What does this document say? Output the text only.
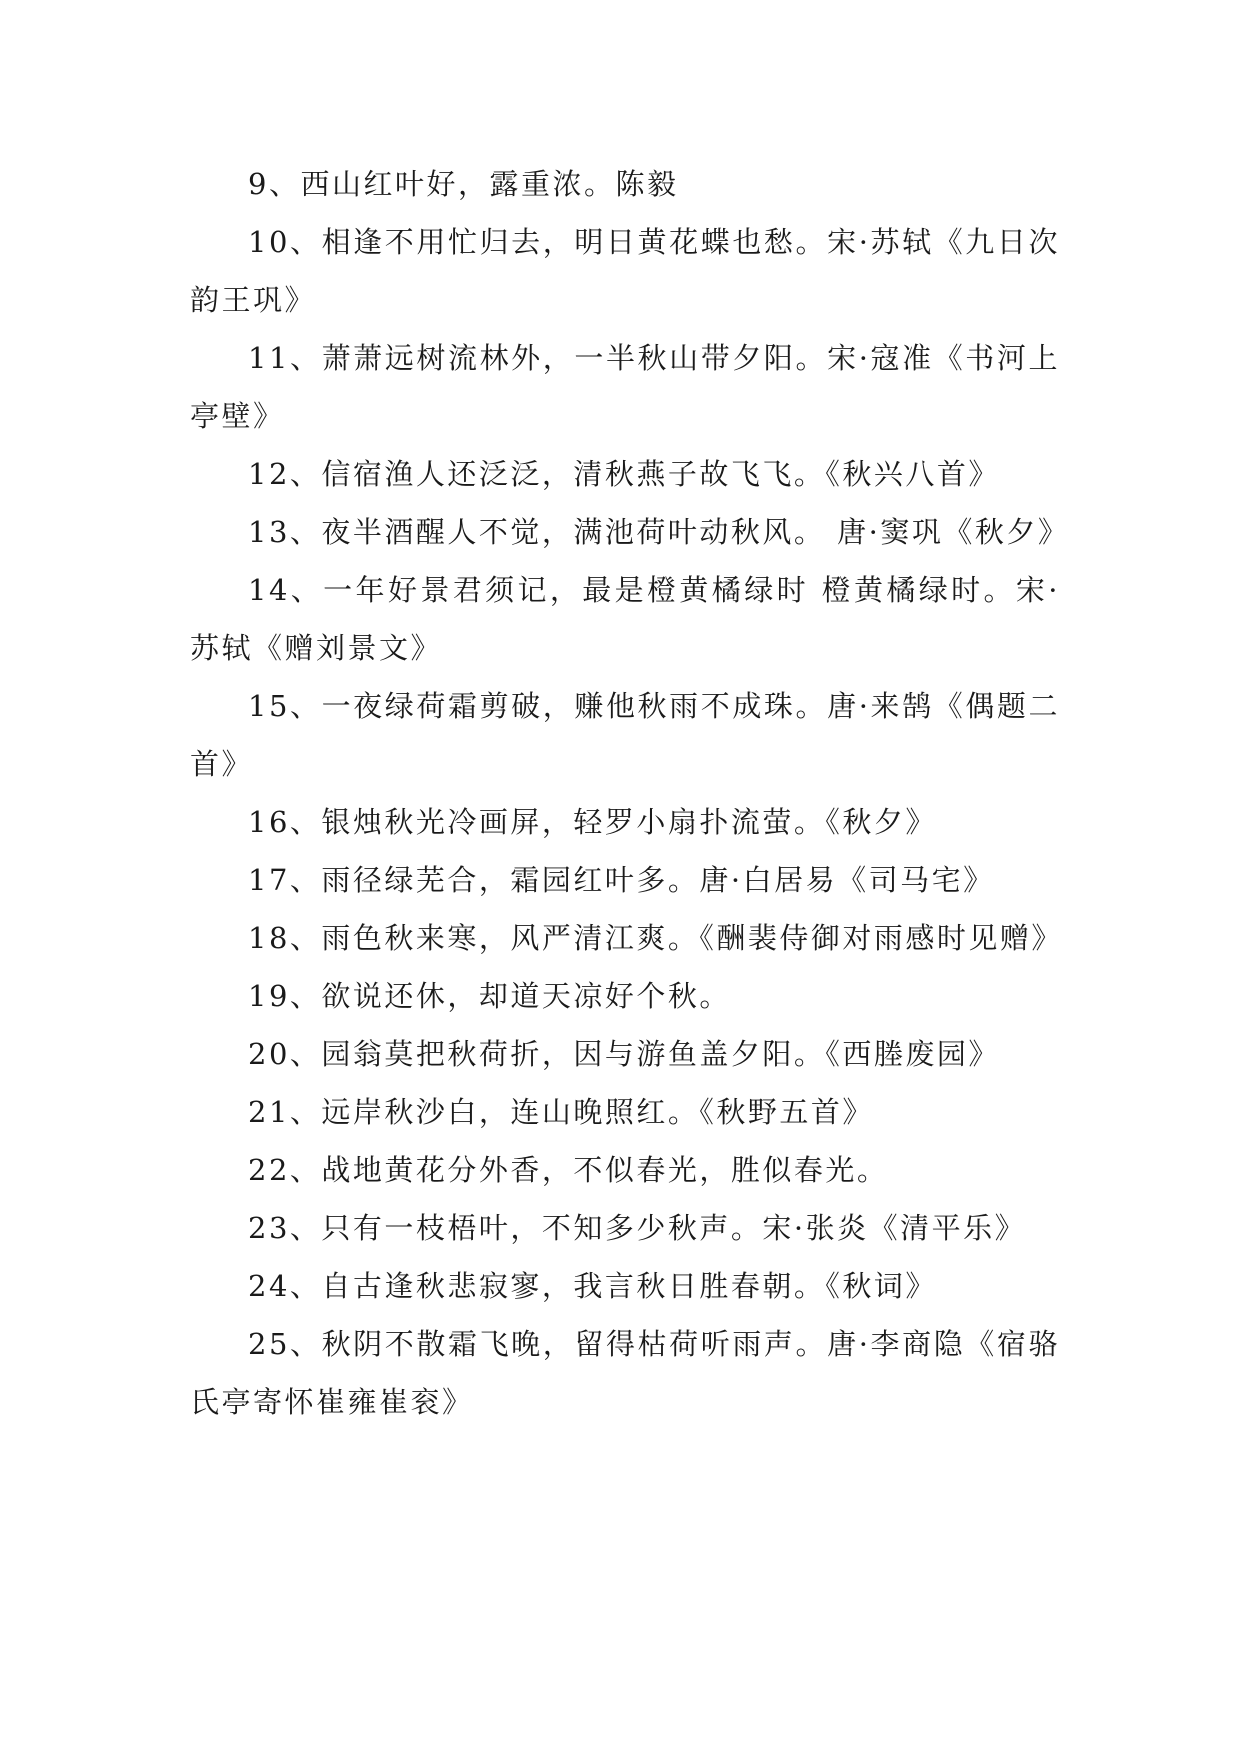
9、西山红叶好，露重浓。陈毅

10、相逢不用忙归去，明日黄花蝶也愁。宋·苏轼《九日次韵王巩》

11、萧萧远树流林外，一半秋山带夕阳。宋·寇准《书河上亭壁》

12、信宿渔人还泛泛，清秋燕子故飞飞。《秋兴八首》

13、夜半酒醒人不觉，满池荷叶动秋风。 唐·窦巩《秋夕》

14、一年好景君须记，最是橙黄橘绿时 橙黄橘绿时。宋·苏轼《赠刘景文》

15、一夜绿荷霜剪破，赚他秋雨不成珠。唐·来鹄《偶题二首》

16、银烛秋光冷画屏，轻罗小扇扑流萤。《秋夕》

17、雨径绿芜合，霜园红叶多。唐·白居易《司马宅》

18、雨色秋来寒，风严清江爽。《酬裴侍御对雨感时见赠》

19、欲说还休，却道天凉好个秋。

20、园翁莫把秋荷折，因与游鱼盖夕阳。《西塍废园》

21、远岸秋沙白，连山晚照红。《秋野五首》

22、战地黄花分外香，不似春光，胜似春光。

23、只有一枝梧叶，不知多少秋声。宋·张炎《清平乐》

24、自古逢秋悲寂寥，我言秋日胜春朝。《秋词》

25、秋阴不散霜飞晚，留得枯荷听雨声。唐·李商隐《宿骆氏亭寄怀崔雍崔衮》
